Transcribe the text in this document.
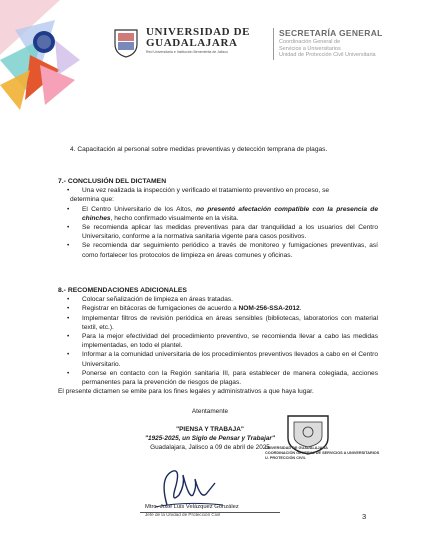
UNIVERSIDAD DE
GUADALAJARA
Red Universitaria e Institución Benemérita de Jalisco
SECRETARÍA GENERAL
Coordinación General de
Servicios a Universitarios
Unidad de Protección Civil Universitaria
4. Capacitación al personal sobre medidas preventivas y detección temprana de plagas.
7.- CONCLUSIÓN DEL DICTAMEN
• Una vez realizada la inspección y verificado el tratamiento preventivo en proceso, se
determina que:
• El Centro Universitario de los Altos, no presentó afectación compatible con la presencia de chinches, hecho confirmado visualmente en la visita.
• Se recomienda aplicar las medidas preventivas para dar tranquilidad a los usuarios del Centro Universitario, conforme a la normativa sanitaria vigente para casos positivos.
• Se recomienda dar seguimiento periódico a través de monitoreo y fumigaciones preventivas, así como fortalecer los protocolos de limpieza en áreas comunes y oficinas.
8.- RECOMENDACIONES ADICIONALES
• Colocar señalización de limpieza en áreas tratadas.
• Registrar en bitácoras de fumigaciones de acuerdo a NOM-256-SSA-2012.
• Implementar filtros de revisión periódica en áreas sensibles (bibliotecas, laboratorios con material textil, etc.).
• Para la mejor efectividad del procedimiento preventivo, se recomienda llevar a cabo las medidas implementadas, en todo el plantel.
• Informar a la comunidad universitaria de los procedimientos preventivos llevados a cabo en el Centro Universitario.
• Ponerse en contacto con la Región sanitaria III, para establecer de manera colegiada, acciones permanentes para la prevención de riesgos de plagas.
El presente dictamen se emite para los fines legales y administrativos a que haya lugar.
Atentamente
"PIENSA Y TRABAJA"
"1925-2025, un Siglo de Pensar y Trabajar"
Guadalajara, Jalisco a 09 de abril de 2025
UNIVERSIDAD DE GUADALAJARA
COORDINACIÓN GENERAL DE SERVICIOS A UNIVERSITARIOS
U. PROTECCIÓN CIVIL
Mtro. José Luis Velázquez González
Jefe de la Unidad de Protección Civil	3
